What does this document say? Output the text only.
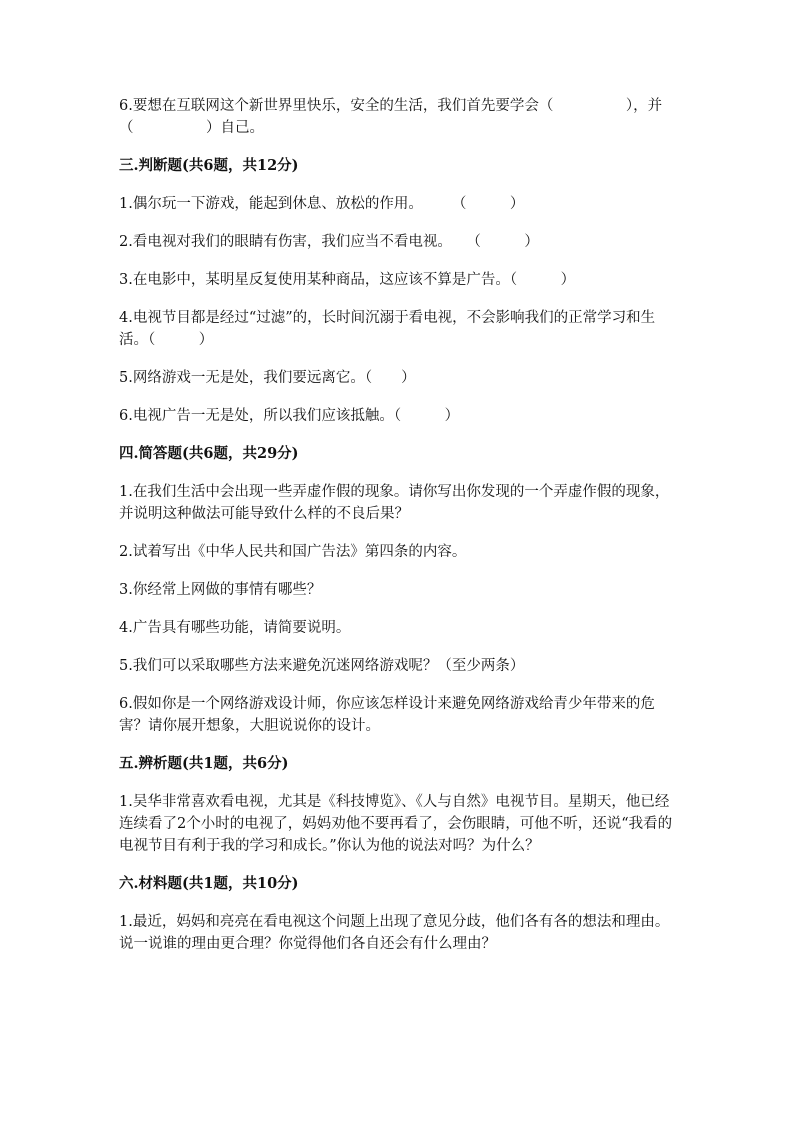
6.要想在互联网这个新世界里快乐，安全的生活，我们首先要学会（　　　　　），并（　　　　　）自己。

三.判断题(共6题，共12分)

1.偶尔玩一下游戏，能起到休息、放松的作用。　　　（　　　）

2.看电视对我们的眼睛有伤害，我们应当不看电视。　　（　　　）

3.在电影中，某明星反复使用某种商品，这应该不算是广告。（　　　）

4.电视节目都是经过“过滤”的，长时间沉溺于看电视，不会影响我们的正常学习和生活。（　　　）

5.网络游戏一无是处，我们要远离它。（　　）

6.电视广告一无是处，所以我们应该抵触。（　　　）

四.简答题(共6题，共29分)

1.在我们生活中会出现一些弄虚作假的现象。请你写出你发现的一个弄虚作假的现象，并说明这种做法可能导致什么样的不良后果？

2.试着写出《中华人民共和国广告法》第四条的内容。

3.你经常上网做的事情有哪些？

4.广告具有哪些功能，请简要说明。

5.我们可以采取哪些方法来避免沉迷网络游戏呢？（至少两条）

6.假如你是一个网络游戏设计师，你应该怎样设计来避免网络游戏给青少年带来的危害？请你展开想象，大胆说说你的设计。

五.辨析题(共1题，共6分)

1.吴华非常喜欢看电视，尤其是《科技博览》、《人与自然》电视节目。星期天，他已经连续看了2个小时的电视了，妈妈劝他不要再看了，会伤眼睛，可他不听，还说“我看的电视节目有利于我的学习和成长。”你认为他的说法对吗？为什么？

六.材料题(共1题，共10分)

1.最近，妈妈和亮亮在看电视这个问题上出现了意见分歧，他们各有各的想法和理由。说一说谁的理由更合理？你觉得他们各自还会有什么理由？
